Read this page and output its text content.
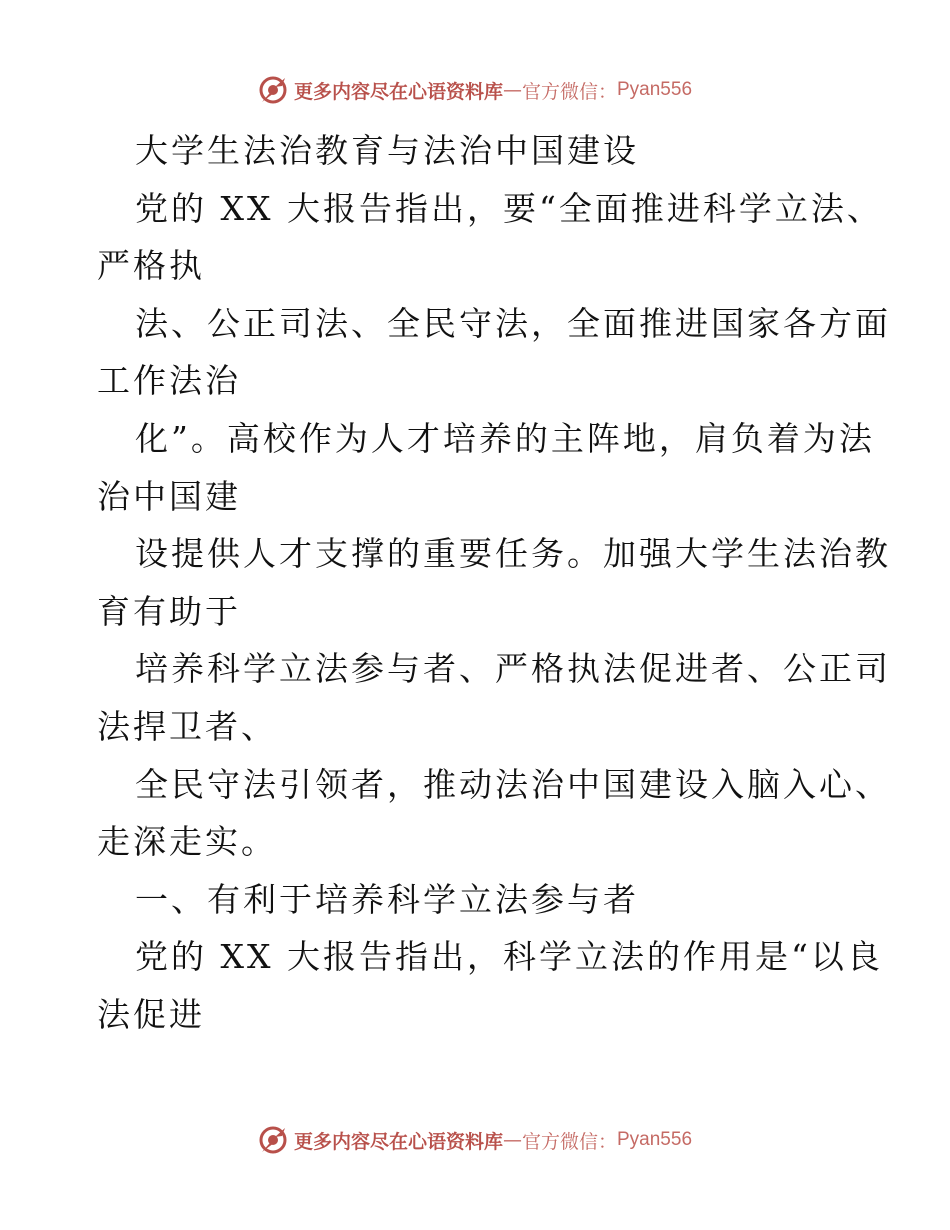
更多内容尽在心语资料库 — 官方微信： Pyan556
大学生法治教育与法治中国建设
党的 XX 大报告指出，要“全面推进科学立法、
严格执
法、公正司法、全民守法，全面推进国家各方面
工作法治
化”。高校作为人才培养的主阵地，肩负着为法
治中国建
设提供人才支撑的重要任务。加强大学生法治教
育有助于
培养科学立法参与者、严格执法促进者、公正司
法捍卫者、
全民守法引领者，推动法治中国建设入脑入心、
走深走实。
一、有利于培养科学立法参与者
党的 XX 大报告指出，科学立法的作用是“以良
法促进
更多内容尽在心语资料库 — 官方微信： Pyan556
